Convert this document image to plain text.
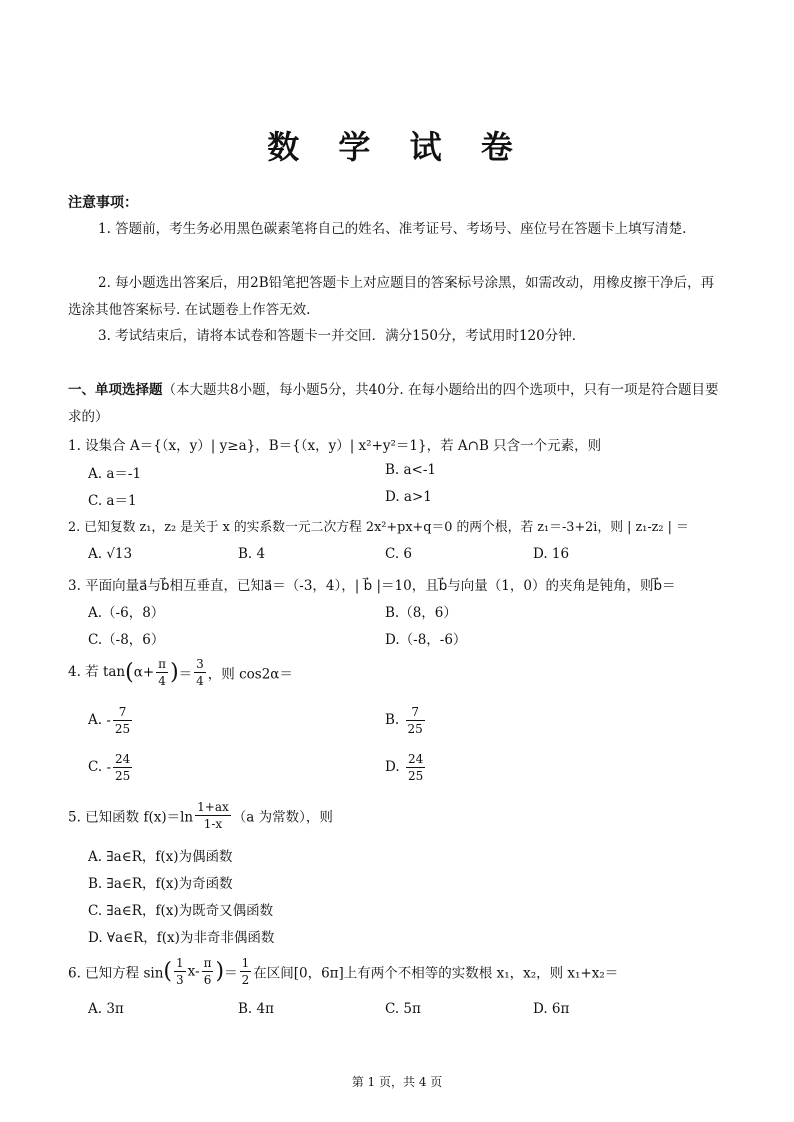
数 学 试 卷
注意事项：
1. 答题前，考生务必用黑色碳素笔将自己的姓名、准考证号、考场号、座位号在答题卡上填写清楚.
2. 每小题选出答案后，用2B铅笔把答题卡上对应题目的答案标号涂黑，如需改动，用橡皮擦干净后，再选涂其他答案标号. 在试题卷上作答无效.
3. 考试结束后，请将本试卷和答题卡一并交回．满分150分，考试用时120分钟．
一、单项选择题（本大题共8小题，每小题5分，共40分. 在每小题给出的四个选项中，只有一项是符合题目要求的）
1. 设集合 A＝{（x，y）| y≥a}，B＝{（x，y）| x²+y²＝1}，若 A∩B 只含一个元素，则
A. a＝-1	B. a<-1
C. a＝1	D. a>1
2. 已知复数 z₁，z₂ 是关于 x 的实系数一元二次方程 2x²+px+q＝0 的两个根，若 z₁＝-3+2i，则 | z₁-z₂ | ＝
A. √13	B. 4	C. 6	D. 16
3. 平面向量a⃗与b⃗相互垂直，已知a⃗＝（-3，4），| b⃗ |＝10，且b⃗与向量（1，0）的夹角是钝角，则b⃗＝
A.（-6，8）	B.（8，6）
C.（-8，6）	D.（-8，-6）
4. 若 $\tan(\alpha+ \frac{\pi}{4}$ )＝ $\frac{3}{4}$ ，则 cos2α＝
A. - $\frac{7}{25}$	B. $\frac{7}{25}$
C. - $\frac{24}{25}$	D. $\frac{24}{25}$
5. 已知函数 $f(x)=\ln \frac{1+ax}{1-x} (a$ 为常数），则
A. ∃a∈R，f(x)为偶函数
B. ∃a∈R，f(x)为奇函数
C. ∃a∈R，f(x)为既奇又偶函数
D. ∀a∈R，f(x)为非奇非偶函数
6. 已知方程 $\sin( \frac{1}{3} x- \frac{\pi}{6}$ )＝ $\frac{1}{2}$ 在区间[0，6π]上有两个不相等的实数根 x₁，x₂，则 x₁+x₂＝
A. 3π	B. 4π	C. 5π	D. 6π
第 1 页，共 4 页
